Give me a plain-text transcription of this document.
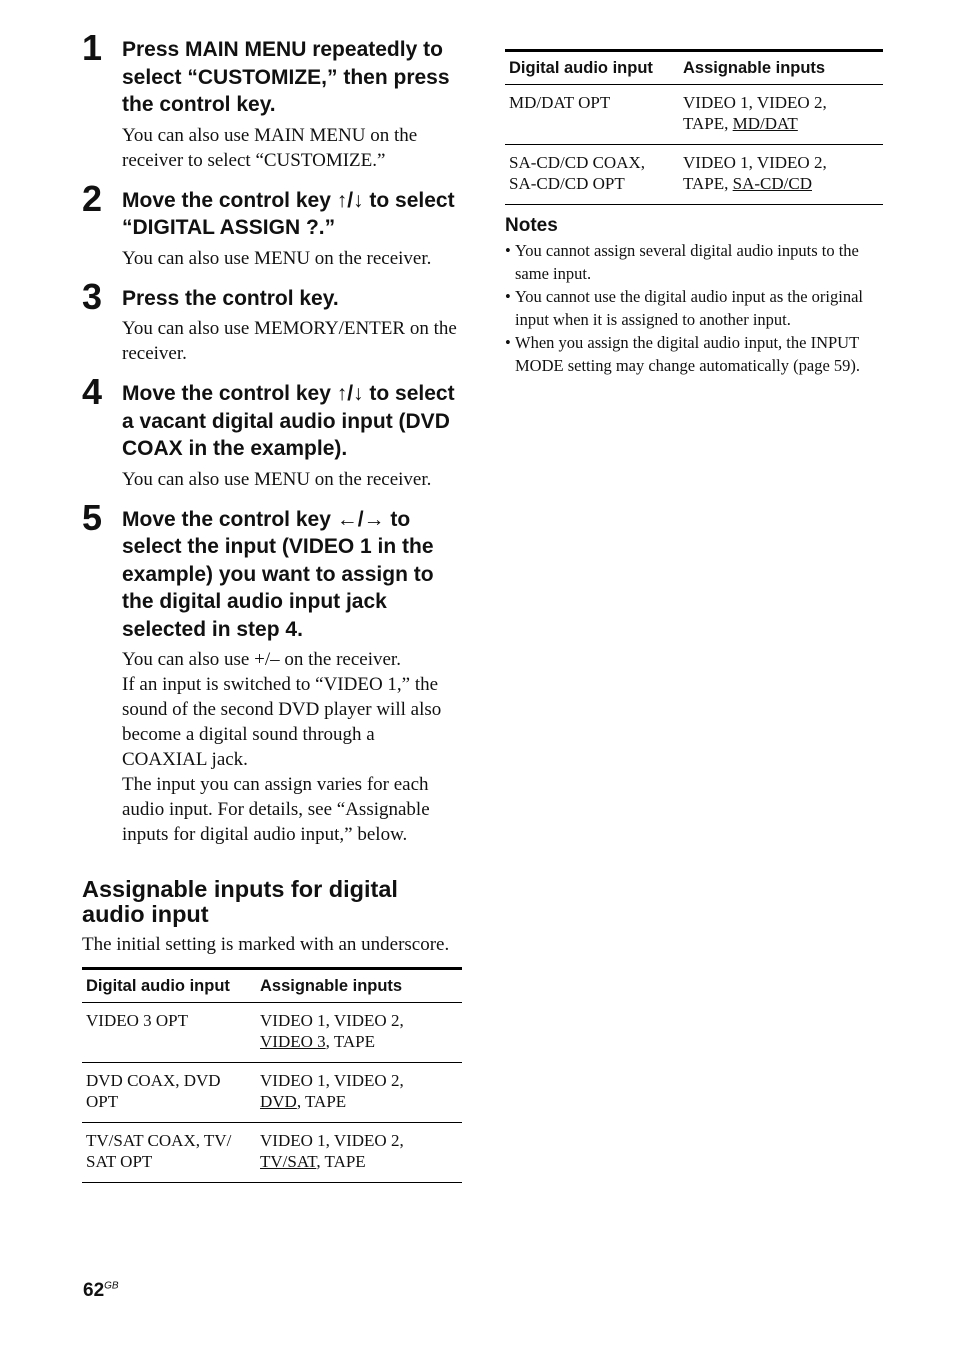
1 Press MAIN MENU repeatedly to select “CUSTOMIZE,” then press the control key.

You can also use MAIN MENU on the receiver to select “CUSTOMIZE.”

2 Move the control key ↑/↓ to select “DIGITAL ASSIGN ?.”

You can also use MENU on the receiver.

3 Press the control key.

You can also use MEMORY/ENTER on the receiver.

4 Move the control key ↑/↓ to select a vacant digital audio input (DVD COAX in the example).

You can also use MENU on the receiver.

5 Move the control key ←/→ to select the input (VIDEO 1 in the example) you want to assign to the digital audio input jack selected in step 4.

You can also use +/– on the receiver.

If an input is switched to “VIDEO 1,” the sound of the second DVD player will also become a digital sound through a COAXIAL jack.

The input you can assign varies for each audio input. For details, see “Assignable inputs for digital audio input,” below.

Assignable inputs for digital audio input

The initial setting is marked with an underscore.

Digital audio input	Assignable inputs
VIDEO 3 OPT	VIDEO 1, VIDEO 2,
VIDEO 3, TAPE
DVD COAX, DVD OPT	VIDEO 1, VIDEO 2,
DVD, TAPE
TV/SAT COAX, TV/ SAT OPT	VIDEO 1, VIDEO 2,
TV/SAT, TAPE
Digital audio input	Assignable inputs
MD/DAT OPT	VIDEO 1, VIDEO 2,
TAPE, MD/DAT
SA-CD/CD COAX, SA-CD/CD OPT	VIDEO 1, VIDEO 2,
TAPE, SA-CD/CD
Notes
• You cannot assign several digital audio inputs to the same input.
• You cannot use the digital audio input as the original input when it is assigned to another input.
• When you assign the digital audio input, the INPUT MODE setting may change automatically (page 59).
$62^{GB}$
